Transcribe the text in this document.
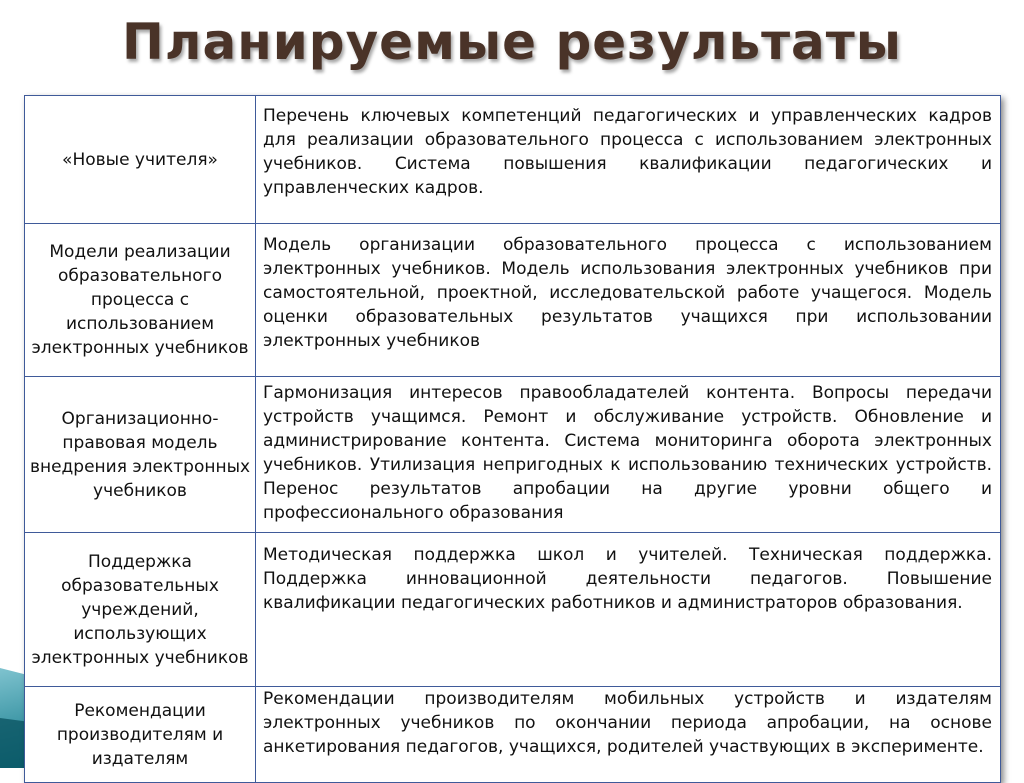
Планируемые результаты
«Новые учителя»	Перечень ключевых компетенций педагогических и управленческих кадров для реализации образовательного процесса с использованием электронных учебников. Система повышения квалификации педагогических и управленческих кадров.
Модели реализации образовательного процесса с использованием электронных учебников	Модель организации образовательного процесса с использованием электронных учебников. Модель использования электронных учебников при самостоятельной, проектной, исследовательской работе учащегося. Модель оценки образовательных результатов учащихся при использовании электронных учебников
Организационно-правовая модель внедрения электронных учебников	Гармонизация интересов правообладателей контента. Вопросы передачи устройств учащимся. Ремонт и обслуживание устройств. Обновление и администрирование контента. Система мониторинга оборота электронных учебников. Утилизация непригодных к использованию технических устройств. Перенос результатов апробации на другие уровни общего и профессионального образования
Поддержка образовательных учреждений, использующих электронных учебников	Методическая поддержка школ и учителей. Техническая поддержка. Поддержка инновационной деятельности педагогов. Повышение квалификации педагогических работников и администраторов образования.
Рекомендации производителям и издателям	Рекомендации производителям мобильных устройств и издателям электронных учебников по окончании периода апробации, на основе анкетирования педагогов, учащихся, родителей участвующих в эксперименте.
